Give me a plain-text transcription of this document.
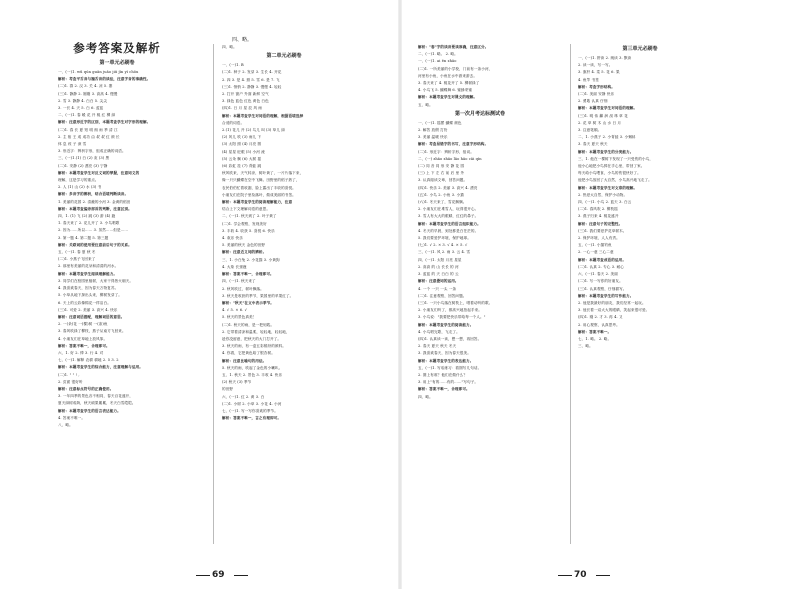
参考答案及解析
第一单元必刷卷
一、(一)1. wǔ qún guān juāo jiū jīn yì chōu
解析：考查平舌音与翘舌音的读法，注意字音的准确性。
(二)1. 群 2. 汉 3. 关 4. 凉 5. 寨
(三)1. 静静 2. 刚刚 3. 高高 4. 慢慢
2. 雪 3. 静静 4. 白白 5. 尖尖
3. 一长 4. 天 5. 白 6. 蓝蓝
二、(一)1. 春 暖 花 开 桃 红 柳 绿
解析：注意形近字的区别，本题考查学生对字形的理解。
(二)1. 春 长 夏 短 明 朗 雨 季 清 江
2. 主 宿 王 成 成功 由 叔 叔 红 颜 长
休 息 孩 子 深 雪
3. 形近字：辨析字形，组成正确的词语。
三、(一)1.(1) 白 (2) 灰 (3) 黑
(二)1. 安静 (2) 漂亮 (3) 宁静
解析：本题考查学生对反义词的掌握，注意词义的
理解，这是学习的重点。
2. 人 (1) 山 (2) 水 (3) 书
解析：多音字的辨析，结合语境判断读音。
1. 美丽的花园 2. 清澈的小河 3. 金黄的稻田
解析：本题考查偏旁部首的判断，注意区别。
四、1. (1) 飞 (2) 跳 (3) 游 (4) 跑
1. 春天来了 2. 花儿开了 3. 小鸟唱歌
2. 因为……所以…… 3. 虽然……但是……
3. 第一题 4. 第二题 5. 第三题
解析：关联词的使用要注意前后句子的关系。
五、(一)1. 春 夏 秋 冬
(二)1. 小燕子飞回来了
2. 那里有美丽的花朵和清清的河水。
解析：本题考查学生阅读理解能力。
3. 同学们在校园里植树，大家干得热火朝天。
4. 我喜欢春天，因为春天万物复苏。
5. 小草从地下探出头来，柳树发芽了。
6. 天上的云彩像棉花一样洁白。
(三)1. 可爱 2. 美丽 3. 高兴 4. 快乐
解析：注意词语搭配，理解词语的意思。
2. 一(朵)花 一(棵)树 一(条)鱼
3. 春风吹绿了柳枝，燕子从南方飞回来。
4. 小朋友们在草地上放风筝。
解析：答案不唯一，合理即可。
六、1. 好 2. 棒 3. 行 4. 对
七、(一)1. 解释 农耕 耕地 2. 5 3. 2
解析：本题考查学生的综合能力，注意理解与运用。
(二)1. " " ! ,
2. 页面 很好听
解析：注意标点符号的正确使用。
3. 一年四季的景色各不相同，春天百花盛开，
夏天绿树成荫，秋天硕果累累，冬天白雪皑皑。
解析：本题考查学生的语言表达能力。
4. 答案不唯一。
八、略。
四、略。
第二单元必刷卷
一、(一)1. B
(二)1. 种子 2. 发芽 3. 生长 4. 开花
2. 四 3. 是 4. 照 5. 雪 6. 是 7. 飞
(三)1. 悄悄 2. 静静 3. 慢慢 4. 轻轻
2. 打开 窗户 外面 新鲜 空气
3. 绿色 蓝色 红色 黄色 白色
(四)1. 日 月 星 辰 风 雨
解析：本题考查学生对词语的理解，根据语境选择
合适的词语。
2.(1) 花儿 开 (2) 鸟儿 叫 (3) 草儿 绿
(2) 风儿 吹 (3) 雨儿 下
(3) 太阳 照 (4) 月亮 圆
(4) 星星 眨眼 (5) 小河 流
(5) 云朵 飘 (6) 大树 摇
(6) 彩虹 挂 (7) 青蛙 跳
秋风吹来，天气转凉，树叶黄了，一片片落下来，
像一只只蝴蝶在空中飞舞。田野里的稻子熟了，
农民伯伯忙着收割，脸上露出了丰收的喜悦。
小朋友们在院子里捡落叶，做成美丽的书签。
解析：本题考查学生的阅读理解能力，注意
结合上下文理解词语的意思。
二、(一)1. 秋天到了 2. 叶子黄了
(二)1. 学会观察，发现美好
3. 丰收 4. 收获 5. 喜悦 6. 快乐
4. 欢乐 快乐
5. 美丽的秋天 金色的田野
解析：注意近义词的辨析。
三、1. 小白兔 2. 小花猫 3. 小黄狗
4. 大象 长颈鹿
解析：答案不唯一，合理即可。
四、(一)1. 秋天来了
2. 秋风吹过，树叶飘落。
3. 秋天是收获的季节，果园里的苹果红了。
解析："秋天"在文中表示季节。
4. √ 5. × 6. √
5. 秋天的景色真美！
(二)1. 秋天的雨，是一把钥匙。
2. 它带着清凉和温柔，轻轻地，轻轻地，
趁你没留意，把秋天的大门打开了。
3. 秋天的雨，有一盒五彩缤纷的颜料。
4. 你看，它把黄色给了银杏树。
解析：注意比喻句的用法。
5. 秋天的雨，吹起了金色的小喇叭。
五、1. 秋天 2. 景色 3. 丰收 4. 快乐
(2) 秋天 (3) 季节
的田野
六、(一)1. 红 2. 黄 3. 白
(二)1. 小树 2. 小草 3. 小花 4. 小河
七、(一)1. 写一写你喜欢的季节。
解析：答案不唯一，言之有理即可。
69
解析："春"字的读音要读准确，注意区分。
二、(一)1. 略。 2. 略。
一、(一)1. ai ēn zhāo
(二)1. 一所美丽的小学校，门前有一条小河，
河里有小鱼，小鱼在水中游来游去。
3. 春天来了 4. 桃花开了 5. 柳树绿了
4. 小鸟飞 5. 蝴蝶舞 6. 蜜蜂采蜜
解析：本题考查学生对课文的理解。
五、略。
第一次月考达标测试卷
一、(一)1. 摇摆 蝴蝶 颜色
2. 解答 放假 打扮
3. 美丽 温暖 快乐
解析：考查易错字的书写，注意字形结构。
(二)1. 形近字：辨析字形，组词。
二、(一) zhāo zhǎo lǎo hǎo cāi qín
(二) 同 音 同 形 安 静 花 园
(三) 上 下 左 右 前 后 里 外
3. 认真阅读文章，回答问题。
(四)1. 快乐 2. 美丽 3. 高兴 4. 漂亮
(五)1. 小鸟 2. 小鱼 3. 小猫
(六)1. 冬天来了，雪花飘飘。
2. 小朋友们在堆雪人，玩得很开心。
3. 雪人有大大的眼睛，红红的鼻子。
解析：本题考查学生的语言组织能力。
4. 冬天的早晨，到处都是白茫茫的。
5. 我们要爱护环境，保护地球。
(七)1. √ 2. × 3. √ 4. × 5. √
三、(一)1. 风 2. 雨 3. 云 4. 雪
四、(一)1. 太阳 月亮 星星
2. 高高 的 山 长长 的 河
3. 蓝蓝 的 天 白白 的 云
解析：注意叠词的运用。
4. 一个 一只 一头 一条
(二)1. 注意观察，回答问题。
(三)1. 一只小鸟落在树枝上，唱着动听的歌。
2. 小朋友们听了，都高兴地拍起手来。
3. 小鸟说："我要把快乐带给每一个人。"
解析：本题考查学生的阅读能力。
4. 小鸟唱完歌，飞走了。
(四)1. 认真读一读，想一想，再回答。
2. 春天 夏天 秋天 冬天
3. 我喜欢春天，因为春天很美。
解析：本题考查学生的表达能力。
五、(一)1. 写话练习：看图写几句话。
2. 图上有谁？他们在做什么？
3. 用上"有的……有的……"写句子。
解析：答案不唯一，合理即可。
四、略。
第三单元必刷卷
一、(一)1. 拼读 2. 朗读 3. 默读
2. 读一读，写一写。
3. 旗杆 4. 菜 5. 花 6. 果
4. 鱼竿 书签
解析：考查字形结构。
(二)1. 美丽 安静 快乐
2. 勇敢 认真 仔细
解析：本题考查学生对词语的理解。
(三)1. 明 伟 翻 润 刮 珠 草 花
2. 花 草 树 木 山 水 日 月
3. 注意笔顺。
二、1. 小燕子 2. 小青蛙 3. 小蝌蚪
3. 春天 夏天 秋天
解析：本题考查学生的分类能力。
三、1. 他在一棵树下发现了一只受伤的小鸟，
他小心地把小鸟捧在手心里，带回了家。
每天给小鸟喂食，小鸟的伤很快好了。
他把小鸟放回了大自然，小鸟高兴地飞走了。
解析：本题考查学生对文章的理解。
2. 热爱大自然，保护小动物。
四、(一)1. 小鸟 2. 蓝天 3. 白云
(二)1. 春风吹 2. 柳枝摇
3. 燕子归来 4. 桃花盛开
解析：注意句子的完整性。
(三)1. 我们要爱护花草树木。
2. 保护环境，人人有责。
五、(一)1. 小猫钓鱼
2. 一心一意 三心二意
解析：本题考查成语的运用。
(二)1. 认真 2. 专心 3. 耐心
六、(一)1. 春天 2. 美丽
(二)1. 写一写你的好朋友。
(三)1. 认真观察，仔细描写。
解析：本题考查学生的写作能力。
2. 他是我最好的朋友，我们经常一起玩。
3. 他长着一双大大的眼睛，笑起来很可爱。
(四)1. 刚 2. 才 3. 再 4. 又
2. 用心观察，认真思考。
解析：答案不唯一。
七、1. 略。 2. 略。
三、略。
70
四、略。
